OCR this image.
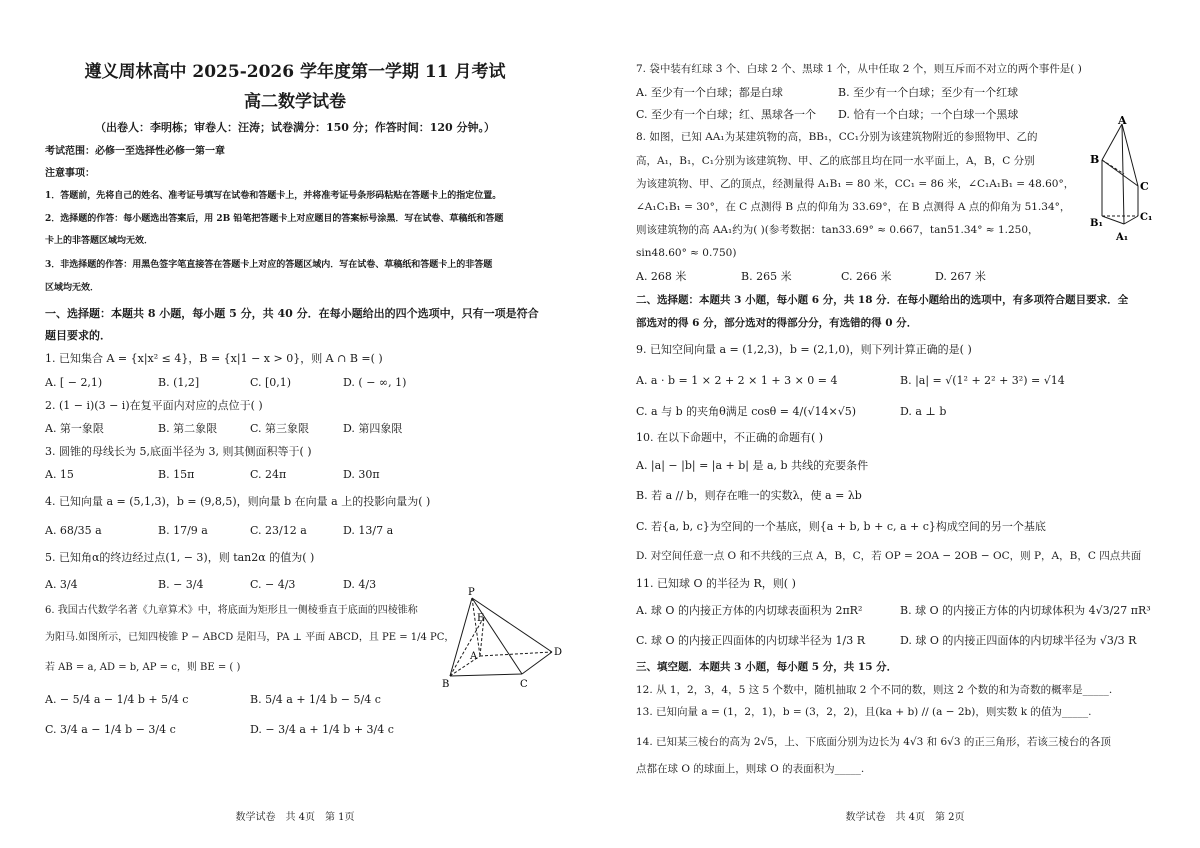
遵义周林高中 2025-2026 学年度第一学期 11 月考试
高二数学试卷
（出卷人：李明栋；审卷人：汪涛；试卷满分：150 分；作答时间：120 分钟。）
考试范围：必修一至选择性必修一第一章
注意事项：
1．答题前，先将自己的姓名、准考证号填写在试卷和答题卡上，并将准考证号条形码粘贴在答题卡上的指定位置。
2．选择题的作答：每小题选出答案后，用 2B 铅笔把答题卡上对应题目的答案标号涂黑．写在试卷、草稿纸和答题
卡上的非答题区域均无效．
3．非选择题的作答：用黑色签字笔直接答在答题卡上对应的答题区域内．写在试卷、草稿纸和答题卡上的非答题
区域均无效．
一、选择题：本题共 8 小题，每小题 5 分，共 40 分．在每小题给出的四个选项中，只有一项是符合
题目要求的．
1. 已知集合 A = {x|x² ≤ 4}，B = {x|1 − x > 0}，则 A ∩ B =( )
A. [ − 2,1)	B. (1,2]	C. [0,1)	D. ( − ∞, 1)
2. (1 − i)(3 − i)在复平面内对应的点位于( )
A. 第一象限	B. 第二象限	C. 第三象限	D. 第四象限
3. 圆锥的母线长为 5,底面半径为 3, 则其侧面积等于( )
A. 15	B. 15π	C. 24π	D. 30π
4. 已知向量 a = (5,1,3)，b = (9,8,5)，则向量 b 在向量 a 上的投影向量为( )
A. 68/35 a	B. 17/9 a	C. 23/12 a	D. 13/7 a
5. 已知角α的终边经过点(1, − 3)，则 tan2α 的值为( )
A. 3/4	B. − 3/4	C. − 4/3	D. 4/3
6. 我国古代数学名著《九章算术》中，将底面为矩形且一侧棱垂直于底面的四棱锥称
为阳马.如图所示，已知四棱锥 P − ABCD 是阳马，PA ⊥ 平面 ABCD，且 PE = 1/4 PC，
若 AB = a, AD = b, AP = c，则 BE = ( )
A. − 5/4 a − 1/4 b + 5/4 c	B. 5/4 a + 1/4 b − 5/4 c
C. 3/4 a − 1/4 b − 3/4 c	D. − 3/4 a + 1/4 b + 3/4 c
P
E
A
B	C
D
数学试卷　共 4页　第 1页
7. 袋中装有红球 3 个、白球 2 个、黑球 1 个，从中任取 2 个，则互斥而不对立的两个事件是( )
A. 至少有一个白球；都是白球	B. 至少有一个白球；至少有一个红球
C. 至少有一个白球；红、黑球各一个 D. 恰有一个白球；一个白球一个黑球
8. 如图，已知 AA₁为某建筑物的高，BB₁，CC₁分别为该建筑物附近的参照物甲、乙的
高，A₁，B₁，C₁分别为该建筑物、甲、乙的底部且均在同一水平面上，A，B，C 分别
为该建筑物、甲、乙的顶点，经测量得 A₁B₁ = 80 米，CC₁ = 86 米，∠C₁A₁B₁ = 48.60°，
∠A₁C₁B₁ = 30°，在 C 点测得 B 点的仰角为 33.69°，在 B 点测得 A 点的仰角为 51.34°，
则该建筑物的高 AA₁约为( )(参考数据：tan33.69° ≈ 0.667，tan51.34° ≈ 1.250，
sin48.60° ≈ 0.750)
A. 268 米	B. 265 米	C. 266 米	D. 267 米
A
B
C
B₁
C₁
A₁
二、选择题：本题共 3 小题，每小题 6 分，共 18 分．在每小题给出的选项中，有多项符合题目要求．全
部选对的得 6 分，部分选对的得部分分，有选错的得 0 分．
9. 已知空间向量 a = (1,2,3)，b = (2,1,0)，则下列计算正确的是( )
A. a · b = 1 × 2 + 2 × 1 + 3 × 0 = 4	B. |a| = √(1² + 2² + 3²) = √14
C. a 与 b 的夹角θ满足 cosθ = 4/(√14×√5)	D. a ⊥ b
10. 在以下命题中，不正确的命题有( )
A. |a| − |b| = |a + b| 是 a, b 共线的充要条件
B. 若 a // b，则存在唯一的实数λ，使 a = λb
C. 若{a, b, c}为空间的一个基底，则{a + b, b + c, a + c}构成空间的另一个基底
D. 对空间任意一点 O 和不共线的三点 A，B，C，若 OP = 2OA − 2OB − OC，则 P，A，B，C 四点共面
11. 已知球 O 的半径为 R，则( )
A. 球 O 的内接正方体的内切球表面积为 2πR²	B. 球 O 的内接正方体的内切球体积为 4√3/27 πR³
C. 球 O 的内接正四面体的内切球半径为 1/3 R	D. 球 O 的内接正四面体的内切球半径为 √3/3 R
三、填空题．本题共 3 小题，每小题 5 分，共 15 分．
12. 从 1，2，3，4，5 这 5 个数中，随机抽取 2 个不同的数，则这 2 个数的和为奇数的概率是_____.
13. 已知向量 a = (1，2，1)，b = (3，2，2)，且(ka + b) // (a − 2b)，则实数 k 的值为_____.
14. 已知某三棱台的高为 2√5，上、下底面分别为边长为 4√3 和 6√3 的正三角形，若该三棱台的各顶
点都在球 O 的球面上，则球 O 的表面积为_____.
数学试卷　共 4页　第 2页
